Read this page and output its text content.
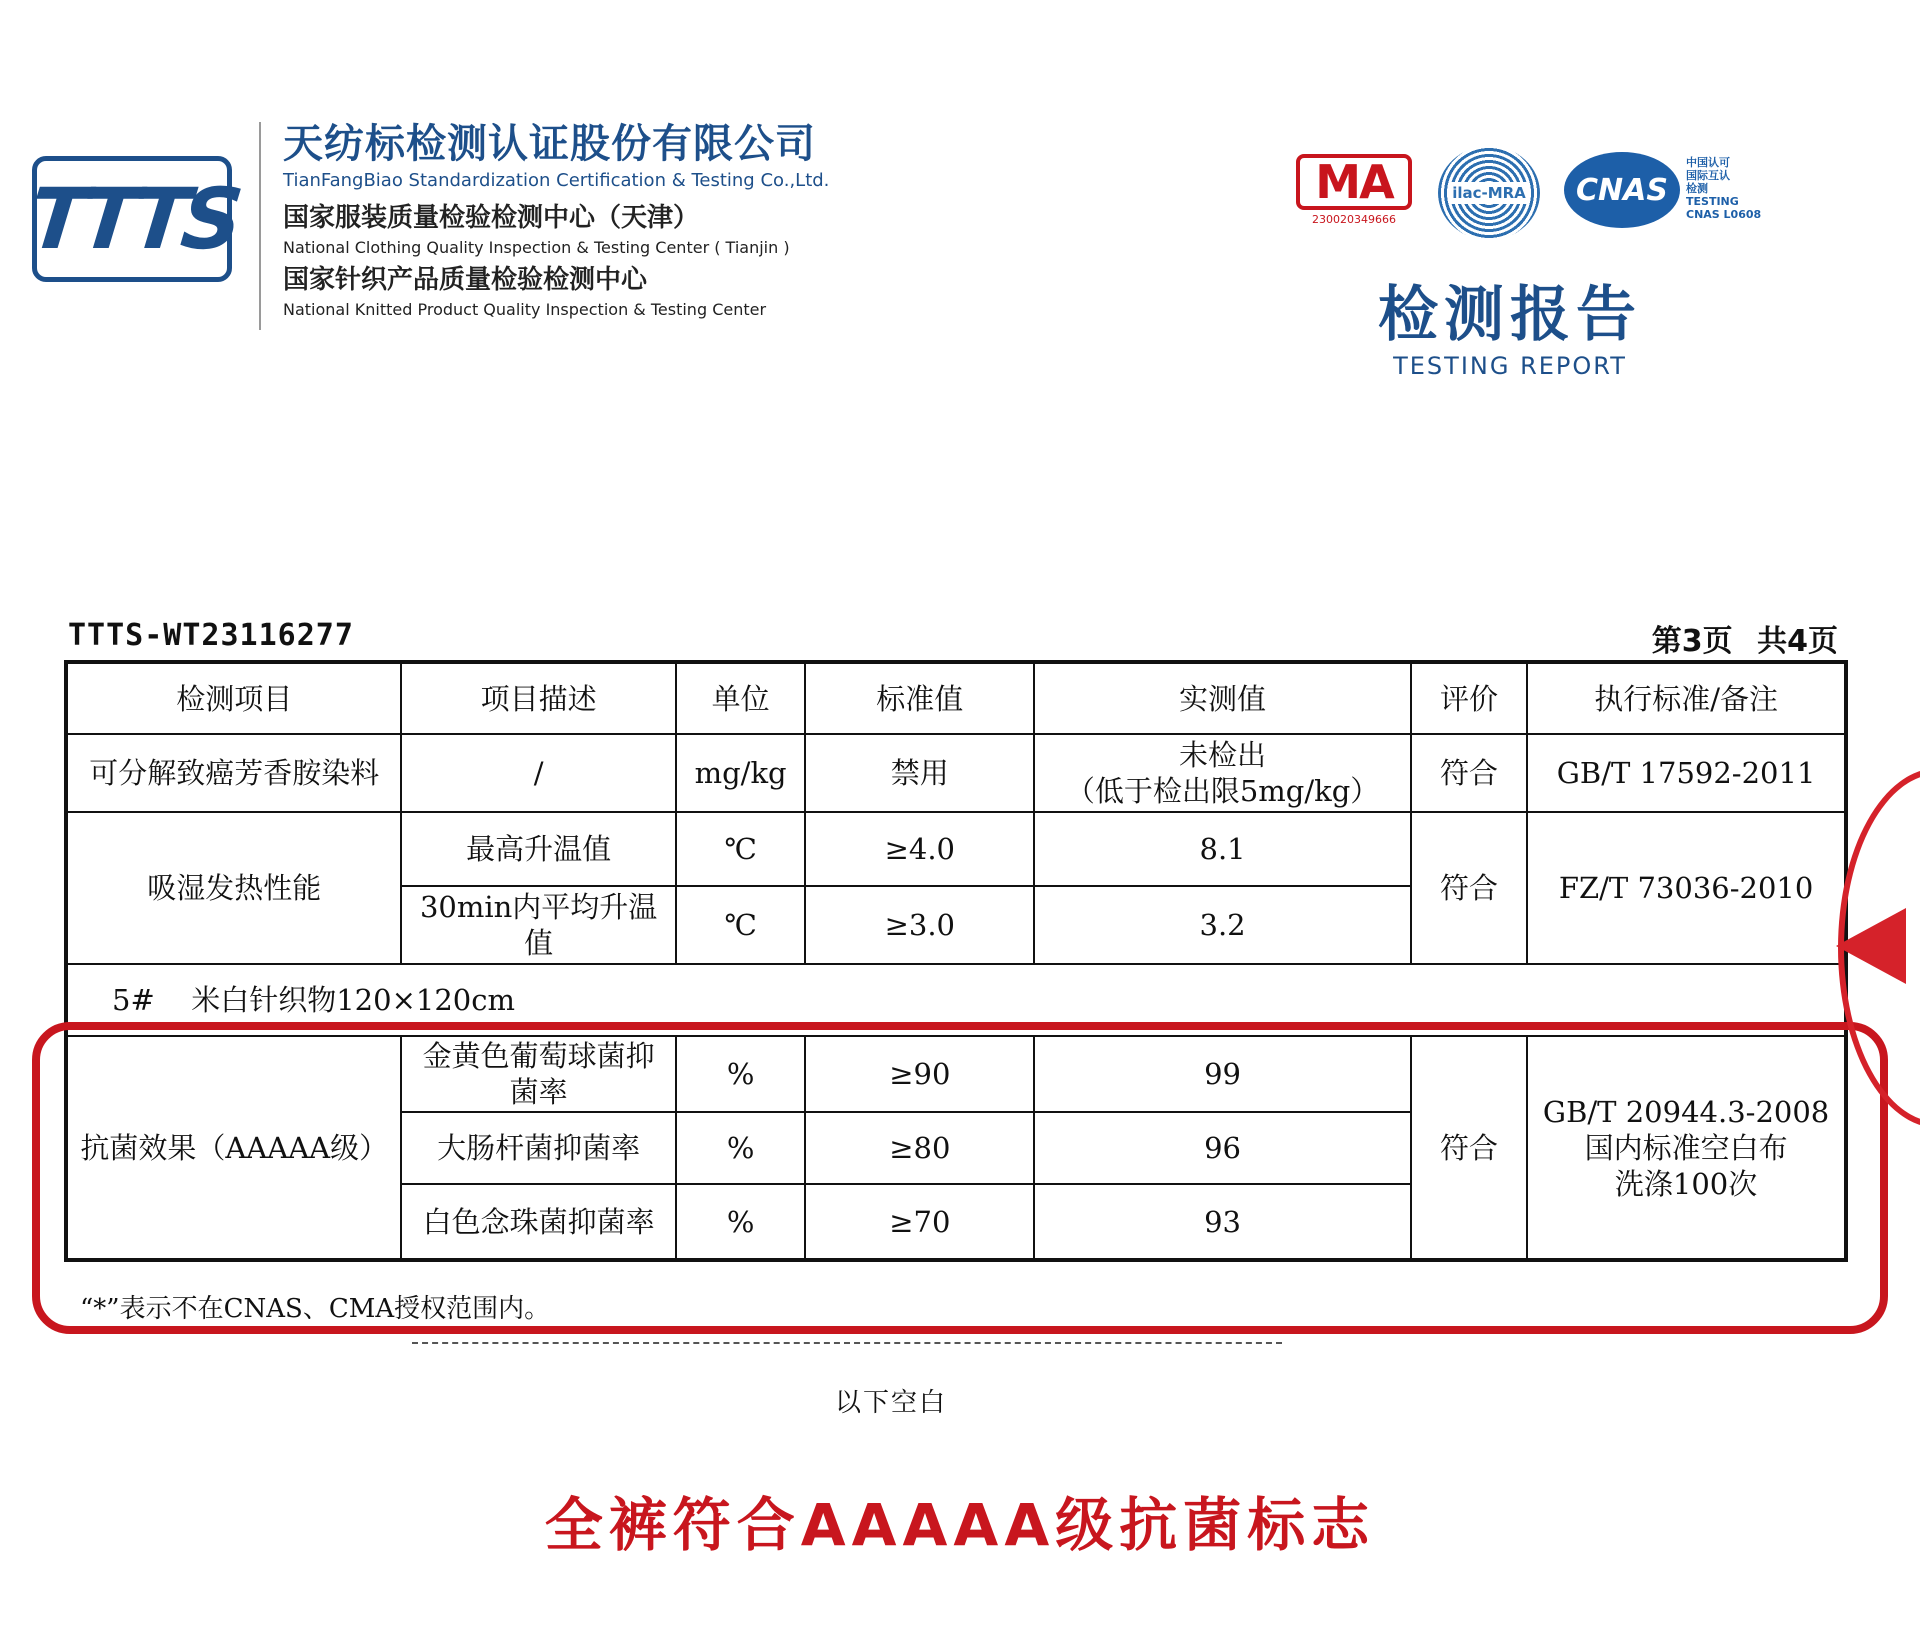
TTTS
天纺标检测认证股份有限公司
TianFangBiao Standardization Certification & Testing Co.,Ltd.
国家服装质量检验检测中心（天津）
National Clothing Quality Inspection & Testing Center ( Tianjin )
国家针织产品质量检验检测中心
National Knitted Product Quality Inspection & Testing Center
MA
230020349666
ilac-MRA CNAS
中国认可
国际互认
检测
TESTING
CNAS L0608
检测报告
TESTING REPORT
TTTS-WT23116277	第3页 共4页
检测项目	项目描述	单位	标准值	实测值	评价	执行标准/备注
可分解致癌芳香胺染料	/	mg/kg	禁用	未检出
（低于检出限5mg/kg）	符合	GB/T 17592-2011
吸湿发热性能	最高升温值	℃	≥4.0	8.1	符合	FZ/T 73036-2010
	30min内平均升温值	℃	≥3.0	3.2		
5# 米白针织物120×120cm						
抗菌效果（AAAAA级）	金黄色葡萄球菌抑菌率	%	≥90	99	符合	GB/T 20944.3-2008
国内标准空白布
洗涤100次

	大肠杆菌抑菌率	%	≥80	96		
	白色念珠菌抑菌率	%	≥70	93		
“*”表示不在CNAS、CMA授权范围内。
以下空白
全裤符合AAAAA级抗菌标志
